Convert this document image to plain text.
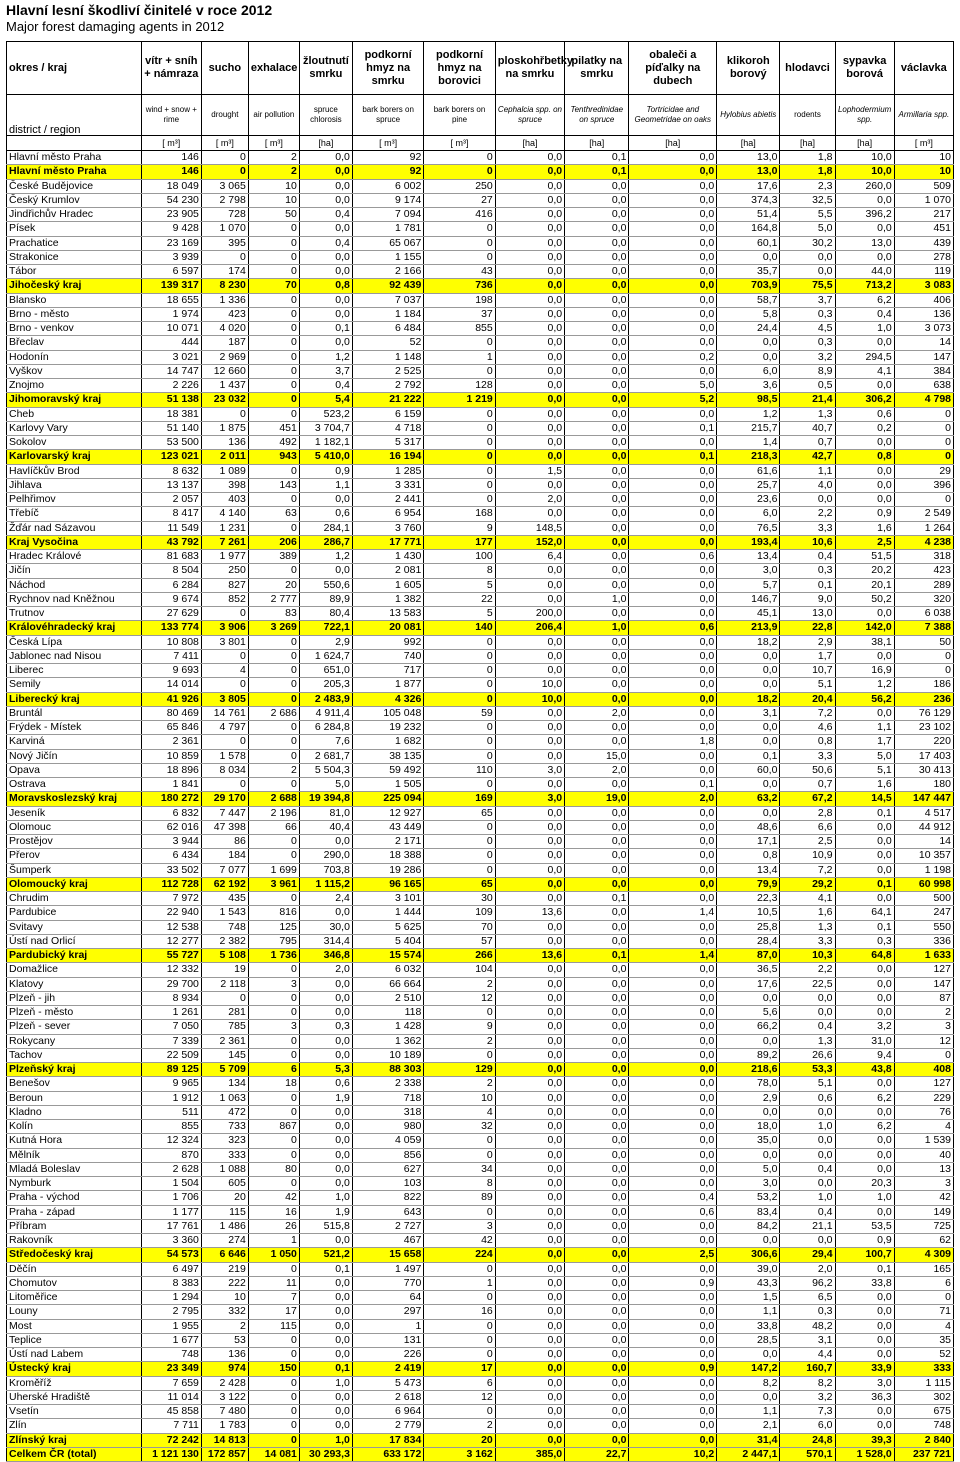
Hlavní lesní škodliví činitelé v roce 2012
Major forest damaging agents in 2012
okres / kraj	vítr + sníh + námraza	sucho	exhalace	žloutnutí smrku	podkorní hmyz na smrku	podkorní hmyz na borovici	ploskohřbetky na smrku	pilatky na smrku	obaleči a píďalky na dubech	klikoroh borový	hlodavci	sypavka borová	václavka
district / region	wind + snow + rime	drought	air pollution	spruce chlorosis	bark borers on spruce	bark borers on pine	Cephalcia spp. on spruce	Tenthredinidae on spruce	Tortricidae and Geometridae on oaks	Hylobius abietis	rodents	Lophodermium spp.	Armillaria spp.
	[ m³]	[ m³]	[ m³]	[ha]	[ m³]	[ m³]	[ha]	[ha]	[ha]	[ha]	[ha]	[ha]	[ m³]
Hlavní město Praha	146	0	2	0,0	92	0	0,0	0,1	0,0	13,0	1,8	10,0	10
Hlavní město Praha	146	0	2	0,0	92	0	0,0	0,1	0,0	13,0	1,8	10,0	10
České Budějovice	18 049	3 065	10	0,0	6 002	250	0,0	0,0	0,0	17,6	2,3	260,0	509
Český Krumlov	54 230	2 798	10	0,0	9 174	27	0,0	0,0	0,0	374,3	32,5	0,0	1 070
Jindřichův Hradec	23 905	728	50	0,4	7 094	416	0,0	0,0	0,0	51,4	5,5	396,2	217
Písek	9 428	1 070	0	0,0	1 781	0	0,0	0,0	0,0	164,8	5,0	0,0	451
Prachatice	23 169	395	0	0,4	65 067	0	0,0	0,0	0,0	60,1	30,2	13,0	439
Strakonice	3 939	0	0	0,0	1 155	0	0,0	0,0	0,0	0,0	0,0	0,0	278
Tábor	6 597	174	0	0,0	2 166	43	0,0	0,0	0,0	35,7	0,0	44,0	119
Jihočeský kraj	139 317	8 230	70	0,8	92 439	736	0,0	0,0	0,0	703,9	75,5	713,2	3 083
Blansko	18 655	1 336	0	0,0	7 037	198	0,0	0,0	0,0	58,7	3,7	6,2	406
Brno - město	1 974	423	0	0,0	1 184	37	0,0	0,0	0,0	5,8	0,3	0,4	136
Brno - venkov	10 071	4 020	0	0,1	6 484	855	0,0	0,0	0,0	24,4	4,5	1,0	3 073
Břeclav	444	187	0	0,0	52	0	0,0	0,0	0,0	0,0	0,3	0,0	14
Hodonín	3 021	2 969	0	1,2	1 148	1	0,0	0,0	0,2	0,0	3,2	294,5	147
Vyškov	14 747	12 660	0	3,7	2 525	0	0,0	0,0	0,0	6,0	8,9	4,1	384
Znojmo	2 226	1 437	0	0,4	2 792	128	0,0	0,0	5,0	3,6	0,5	0,0	638
Jihomoravský kraj	51 138	23 032	0	5,4	21 222	1 219	0,0	0,0	5,2	98,5	21,4	306,2	4 798
Cheb	18 381	0	0	523,2	6 159	0	0,0	0,0	0,0	1,2	1,3	0,6	0
Karlovy Vary	51 140	1 875	451	3 704,7	4 718	0	0,0	0,0	0,1	215,7	40,7	0,2	0
Sokolov	53 500	136	492	1 182,1	5 317	0	0,0	0,0	0,0	1,4	0,7	0,0	0
Karlovarský kraj	123 021	2 011	943	5 410,0	16 194	0	0,0	0,0	0,1	218,3	42,7	0,8	0
Havlíčkův Brod	8 632	1 089	0	0,9	1 285	0	1,5	0,0	0,0	61,6	1,1	0,0	29
Jihlava	13 137	398	143	1,1	3 331	0	0,0	0,0	0,0	25,7	4,0	0,0	396
Pelhřimov	2 057	403	0	0,0	2 441	0	2,0	0,0	0,0	23,6	0,0	0,0	0
Třebíč	8 417	4 140	63	0,6	6 954	168	0,0	0,0	0,0	6,0	2,2	0,9	2 549
Žďár nad Sázavou	11 549	1 231	0	284,1	3 760	9	148,5	0,0	0,0	76,5	3,3	1,6	1 264
Kraj Vysočina	43 792	7 261	206	286,7	17 771	177	152,0	0,0	0,0	193,4	10,6	2,5	4 238
Hradec Králové	81 683	1 977	389	1,2	1 430	100	6,4	0,0	0,6	13,4	0,4	51,5	318
Jičín	8 504	250	0	0,0	2 081	8	0,0	0,0	0,0	3,0	0,3	20,2	423
Náchod	6 284	827	20	550,6	1 605	5	0,0	0,0	0,0	5,7	0,1	20,1	289
Rychnov nad Kněžnou	9 674	852	2 777	89,9	1 382	22	0,0	1,0	0,0	146,7	9,0	50,2	320
Trutnov	27 629	0	83	80,4	13 583	5	200,0	0,0	0,0	45,1	13,0	0,0	6 038
Královéhradecký kraj	133 774	3 906	3 269	722,1	20 081	140	206,4	1,0	0,6	213,9	22,8	142,0	7 388
Česká Lípa	10 808	3 801	0	2,9	992	0	0,0	0,0	0,0	18,2	2,9	38,1	50
Jablonec nad Nisou	7 411	0	0	1 624,7	740	0	0,0	0,0	0,0	0,0	1,7	0,0	0
Liberec	9 693	4	0	651,0	717	0	0,0	0,0	0,0	0,0	10,7	16,9	0
Semily	14 014	0	0	205,3	1 877	0	10,0	0,0	0,0	0,0	5,1	1,2	186
Liberecký kraj	41 926	3 805	0	2 483,9	4 326	0	10,0	0,0	0,0	18,2	20,4	56,2	236
Bruntál	80 469	14 761	2 686	4 911,4	105 048	59	0,0	2,0	0,0	3,1	7,2	0,0	76 129
Frýdek - Místek	65 846	4 797	0	6 284,8	19 232	0	0,0	0,0	0,0	0,0	4,6	1,1	23 102
Karviná	2 361	0	0	7,6	1 682	0	0,0	0,0	1,8	0,0	0,8	1,7	220
Nový Jičín	10 859	1 578	0	2 681,7	38 135	0	0,0	15,0	0,0	0,1	3,3	5,0	17 403
Opava	18 896	8 034	2	5 504,3	59 492	110	3,0	2,0	0,0	60,0	50,6	5,1	30 413
Ostrava	1 841	0	0	5,0	1 505	0	0,0	0,0	0,1	0,0	0,7	1,6	180
Moravskoslezský kraj	180 272	29 170	2 688	19 394,8	225 094	169	3,0	19,0	2,0	63,2	67,2	14,5	147 447
Jeseník	6 832	7 447	2 196	81,0	12 927	65	0,0	0,0	0,0	0,0	2,8	0,1	4 517
Olomouc	62 016	47 398	66	40,4	43 449	0	0,0	0,0	0,0	48,6	6,6	0,0	44 912
Prostějov	3 944	86	0	0,0	2 171	0	0,0	0,0	0,0	17,1	2,5	0,0	14
Přerov	6 434	184	0	290,0	18 388	0	0,0	0,0	0,0	0,8	10,9	0,0	10 357
Šumperk	33 502	7 077	1 699	703,8	19 286	0	0,0	0,0	0,0	13,4	7,2	0,0	1 198
Olomoucký kraj	112 728	62 192	3 961	1 115,2	96 165	65	0,0	0,0	0,0	79,9	29,2	0,1	60 998
Chrudim	7 972	435	0	2,4	3 101	30	0,0	0,1	0,0	22,3	4,1	0,0	500
Pardubice	22 940	1 543	816	0,0	1 444	109	13,6	0,0	1,4	10,5	1,6	64,1	247
Svitavy	12 538	748	125	30,0	5 625	70	0,0	0,0	0,0	25,8	1,3	0,1	550
Ústí nad Orlicí	12 277	2 382	795	314,4	5 404	57	0,0	0,0	0,0	28,4	3,3	0,3	336
Pardubický kraj	55 727	5 108	1 736	346,8	15 574	266	13,6	0,1	1,4	87,0	10,3	64,8	1 633
Domažlice	12 332	19	0	2,0	6 032	104	0,0	0,0	0,0	36,5	2,2	0,0	127
Klatovy	29 700	2 118	3	0,0	66 664	2	0,0	0,0	0,0	17,6	22,5	0,0	147
Plzeň - jih	8 934	0	0	0,0	2 510	12	0,0	0,0	0,0	0,0	0,0	0,0	87
Plzeň - město	1 261	281	0	0,0	118	0	0,0	0,0	0,0	5,6	0,0	0,0	2
Plzeň - sever	7 050	785	3	0,3	1 428	9	0,0	0,0	0,0	66,2	0,4	3,2	3
Rokycany	7 339	2 361	0	0,0	1 362	2	0,0	0,0	0,0	0,0	1,3	31,0	12
Tachov	22 509	145	0	0,0	10 189	0	0,0	0,0	0,0	89,2	26,6	9,4	0
Plzeňský kraj	89 125	5 709	6	5,3	88 303	129	0,0	0,0	0,0	218,6	53,3	43,8	408
Benešov	9 965	134	18	0,6	2 338	2	0,0	0,0	0,0	78,0	5,1	0,0	127
Beroun	1 912	1 063	0	1,9	718	10	0,0	0,0	0,0	2,9	0,6	6,2	229
Kladno	511	472	0	0,0	318	4	0,0	0,0	0,0	0,0	0,0	0,0	76
Kolín	855	733	867	0,0	980	32	0,0	0,0	0,0	18,0	1,0	6,2	4
Kutná Hora	12 324	323	0	0,0	4 059	0	0,0	0,0	0,0	35,0	0,0	0,0	1 539
Mělník	870	333	0	0,0	856	0	0,0	0,0	0,0	0,0	0,0	0,0	40
Mladá Boleslav	2 628	1 088	80	0,0	627	34	0,0	0,0	0,0	5,0	0,4	0,0	13
Nymburk	1 504	605	0	0,0	103	8	0,0	0,0	0,0	3,0	0,0	20,3	3
Praha - východ	1 706	20	42	1,0	822	89	0,0	0,0	0,4	53,2	1,0	1,0	42
Praha - západ	1 177	115	16	1,9	643	0	0,0	0,0	0,6	83,4	0,4	0,0	149
Příbram	17 761	1 486	26	515,8	2 727	3	0,0	0,0	0,0	84,2	21,1	53,5	725
Rakovník	3 360	274	1	0,0	467	42	0,0	0,0	0,0	0,0	0,0	0,9	62
Středočeský kraj	54 573	6 646	1 050	521,2	15 658	224	0,0	0,0	2,5	306,6	29,4	100,7	4 309
Děčín	6 497	219	0	0,1	1 497	0	0,0	0,0	0,0	39,0	2,0	0,1	165
Chomutov	8 383	222	11	0,0	770	1	0,0	0,0	0,9	43,3	96,2	33,8	6
Litoměřice	1 294	10	7	0,0	64	0	0,0	0,0	0,0	1,5	6,5	0,0	0
Louny	2 795	332	17	0,0	297	16	0,0	0,0	0,0	1,1	0,3	0,0	71
Most	1 955	2	115	0,0	1	0	0,0	0,0	0,0	33,8	48,2	0,0	4
Teplice	1 677	53	0	0,0	131	0	0,0	0,0	0,0	28,5	3,1	0,0	35
Ústí nad Labem	748	136	0	0,0	226	0	0,0	0,0	0,0	0,0	4,4	0,0	52
Ústecký kraj	23 349	974	150	0,1	2 419	17	0,0	0,0	0,9	147,2	160,7	33,9	333
Kroměříž	7 659	2 428	0	1,0	5 473	6	0,0	0,0	0,0	8,2	8,2	3,0	1 115
Uherské Hradiště	11 014	3 122	0	0,0	2 618	12	0,0	0,0	0,0	0,0	3,2	36,3	302
Vsetín	45 858	7 480	0	0,0	6 964	0	0,0	0,0	0,0	1,1	7,3	0,0	675
Zlín	7 711	1 783	0	0,0	2 779	2	0,0	0,0	0,0	2,1	6,0	0,0	748
Zlínský kraj	72 242	14 813	0	1,0	17 834	20	0,0	0,0	0,0	31,4	24,8	39,3	2 840
Celkem ČR (total)	1 121 130	172 857	14 081	30 293,3	633 172	3 162	385,0	22,7	10,2	2 447,1	570,1	1 528,0	237 721
